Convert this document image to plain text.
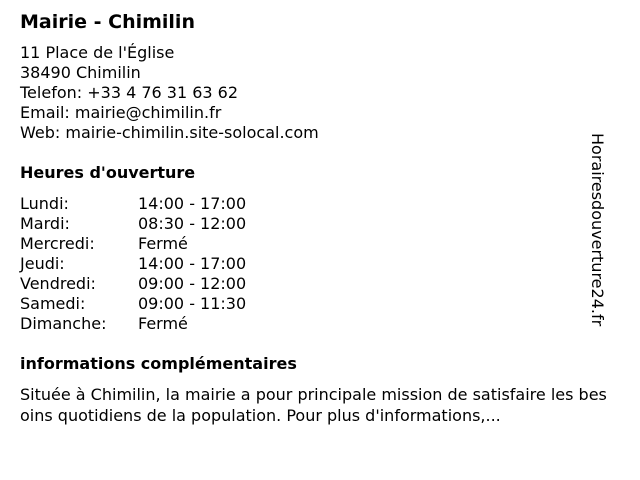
Mairie - Chimilin
11 Place de l'Église
38490 Chimilin
Telefon: +33 4 76 31 63 62
Email: mairie@chimilin.fr
Web: mairie-chimilin.site-solocal.com
Heures d'ouverture
Lundi:	14:00 - 17:00
Mardi:	08:30 - 12:00
Mercredi:	Fermé
Jeudi:	14:00 - 17:00
Vendredi:	09:00 - 12:00
Samedi:	09:00 - 11:30
Dimanche:	Fermé
informations complémentaires
Située à Chimilin, la mairie a pour principale mission de satisfaire les besoins quotidiens de la population. Pour plus d'informations,...
Horairesdouverture24.fr
